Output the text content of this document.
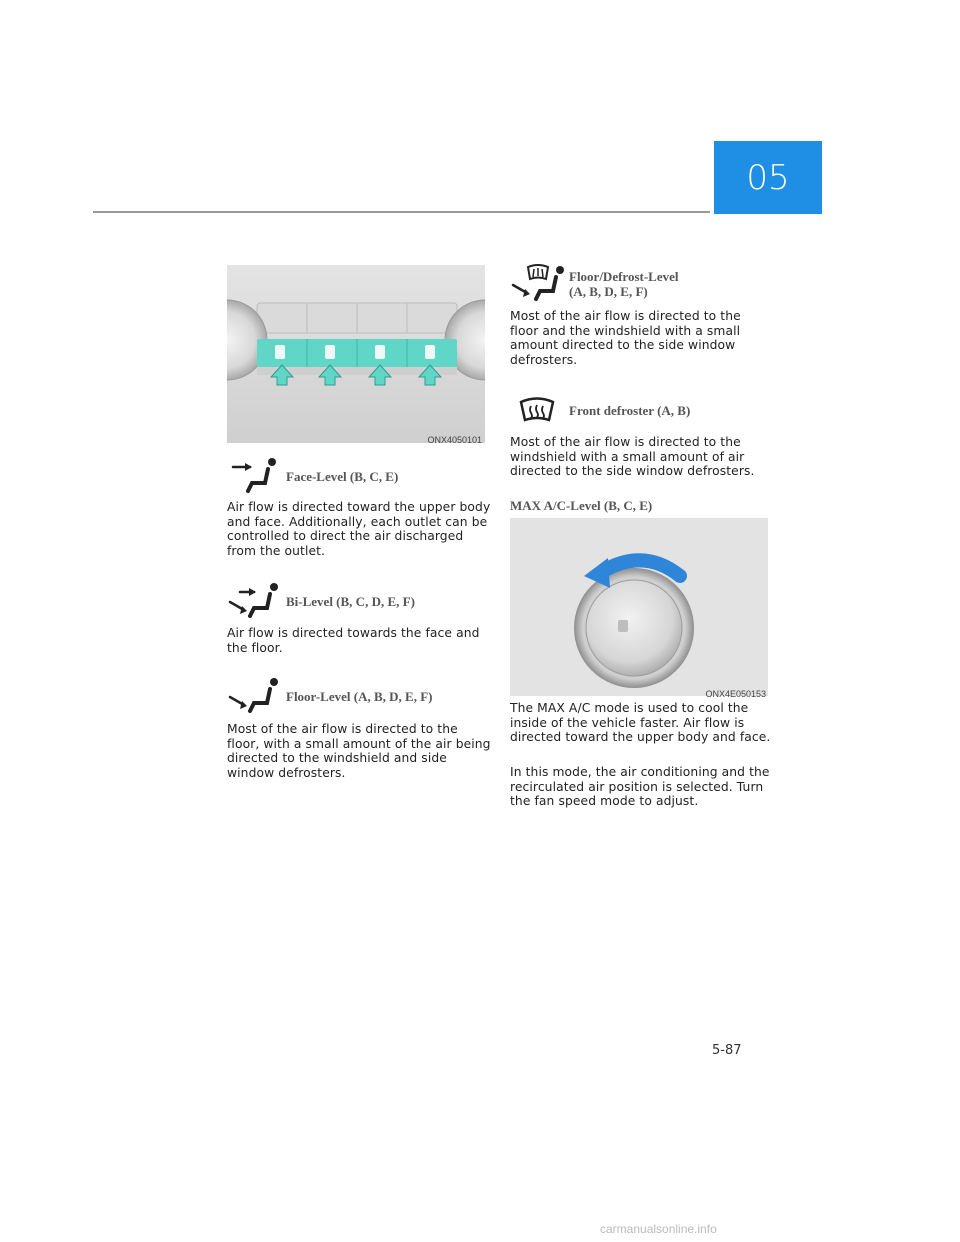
05
ONX4050101
Face-Level (B, C, E)
Air flow is directed toward the upper body and face. Additionally, each outlet can be controlled to direct the air discharged from the outlet.
Bi-Level (B, C, D, E, F)
Air flow is directed towards the face and the floor.
Floor-Level (A, B, D, E, F)
Most of the air flow is directed to the floor, with a small amount of the air being directed to the windshield and side window defrosters.
Floor/Defrost-Level
(A, B, D, E, F)
Most of the air flow is directed to the floor and the windshield with a small amount directed to the side window defrosters.
Front defroster (A, B)
Most of the air flow is directed to the windshield with a small amount of air directed to the side window defrosters.
MAX A/C-Level (B, C, E)
ONX4E050153
The MAX A/C mode is used to cool the inside of the vehicle faster. Air flow is directed toward the upper body and face.
In this mode, the air conditioning and the recirculated air position is selected. Turn the fan speed mode to adjust.
5-87
carmanualsonline.info
